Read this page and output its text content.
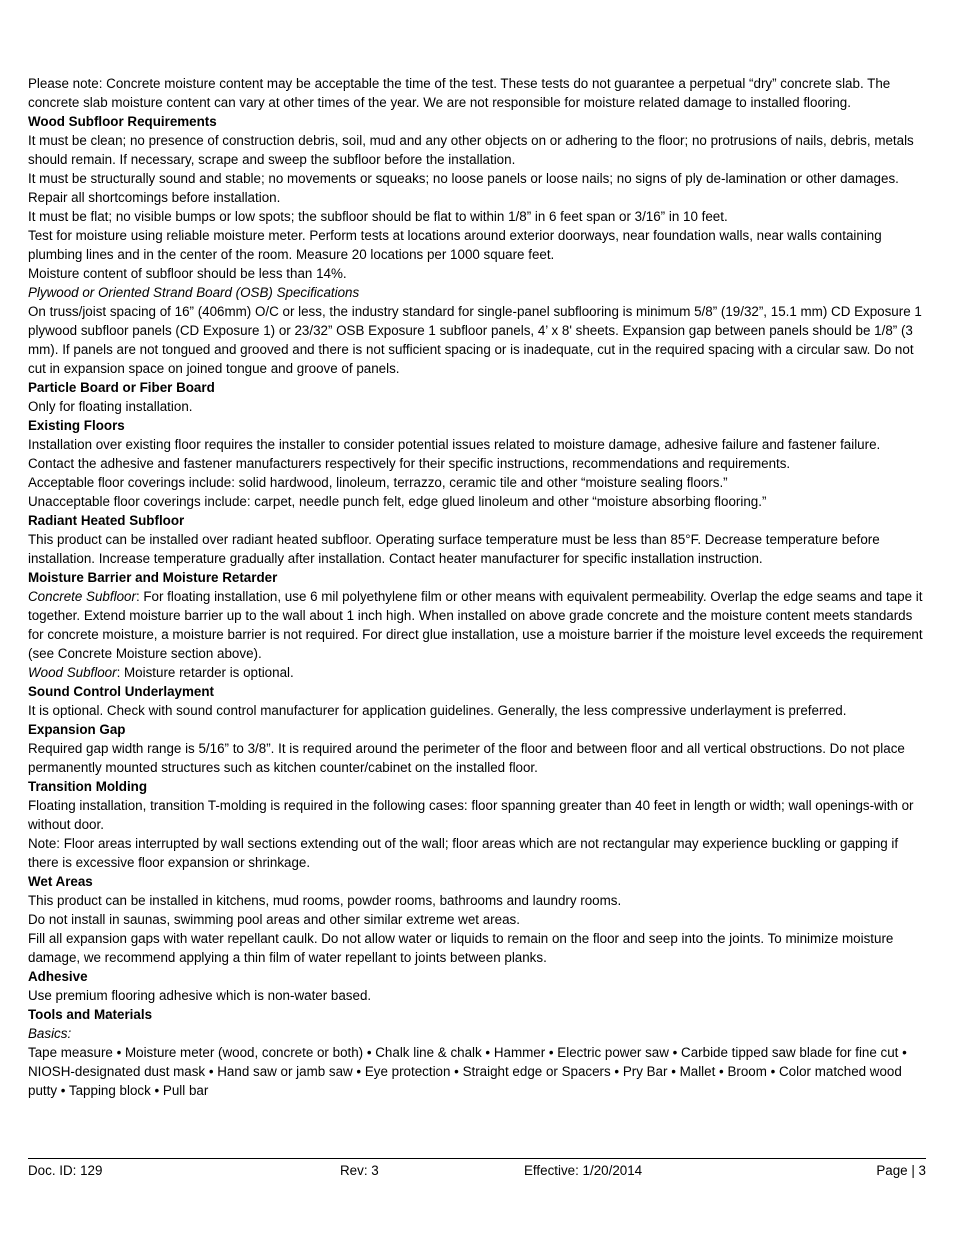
Please note: Concrete moisture content may be acceptable the time of the test. These tests do not guarantee a perpetual “dry” concrete slab. The concrete slab moisture content can vary at other times of the year. We are not responsible for moisture related damage to installed flooring.

Wood Subfloor Requirements

It must be clean; no presence of construction debris, soil, mud and any other objects on or adhering to the floor; no protrusions of nails, debris, metals should remain. If necessary, scrape and sweep the subfloor before the installation.

It must be structurally sound and stable; no movements or squeaks; no loose panels or loose nails; no signs of ply de-lamination or other damages. Repair all shortcomings before installation.

It must be flat; no visible bumps or low spots; the subfloor should be flat to within 1/8” in 6 feet span or 3/16” in 10 feet.

Test for moisture using reliable moisture meter. Perform tests at locations around exterior doorways, near foundation walls, near walls containing plumbing lines and in the center of the room. Measure 20 locations per 1000 square feet.

Moisture content of subfloor should be less than 14%.

Plywood or Oriented Strand Board (OSB) Specifications

On truss/joist spacing of 16” (406mm) O/C or less, the industry standard for single-panel subflooring is minimum 5/8” (19/32”, 15.1 mm) CD Exposure 1 plywood subfloor panels (CD Exposure 1) or 23/32” OSB Exposure 1 subfloor panels, 4’ x 8' sheets. Expansion gap between panels should be 1/8” (3 mm). If panels are not tongued and grooved and there is not sufficient spacing or is inadequate, cut in the required spacing with a circular saw. Do not cut in expansion space on joined tongue and groove of panels.

Particle Board or Fiber Board

Only for floating installation.

Existing Floors

Installation over existing floor requires the installer to consider potential issues related to moisture damage, adhesive failure and fastener failure. Contact the adhesive and fastener manufacturers respectively for their specific instructions, recommendations and requirements.

Acceptable floor coverings include: solid hardwood, linoleum, terrazzo, ceramic tile and other “moisture sealing floors.”

Unacceptable floor coverings include: carpet, needle punch felt, edge glued linoleum and other “moisture absorbing flooring.”

Radiant Heated Subfloor

This product can be installed over radiant heated subfloor. Operating surface temperature must be less than 85°F. Decrease temperature before installation. Increase temperature gradually after installation. Contact heater manufacturer for specific installation instruction.

Moisture Barrier and Moisture Retarder

Concrete Subfloor: For floating installation, use 6 mil polyethylene film or other means with equivalent permeability. Overlap the edge seams and tape it together. Extend moisture barrier up to the wall about 1 inch high. When installed on above grade concrete and the moisture content meets standards for concrete moisture, a moisture barrier is not required. For direct glue installation, use a moisture barrier if the moisture level exceeds the requirement (see Concrete Moisture section above).

Wood Subfloor: Moisture retarder is optional.

Sound Control Underlayment

It is optional. Check with sound control manufacturer for application guidelines. Generally, the less compressive underlayment is preferred.

Expansion Gap

Required gap width range is 5/16” to 3/8”. It is required around the perimeter of the floor and between floor and all vertical obstructions. Do not place permanently mounted structures such as kitchen counter/cabinet on the installed floor.

Transition Molding

Floating installation, transition T-molding is required in the following cases: floor spanning greater than 40 feet in length or width; wall openings-with or without door.

Note: Floor areas interrupted by wall sections extending out of the wall; floor areas which are not rectangular may experience buckling or gapping if there is excessive floor expansion or shrinkage.

Wet Areas

This product can be installed in kitchens, mud rooms, powder rooms, bathrooms and laundry rooms.

Do not install in saunas, swimming pool areas and other similar extreme wet areas.

Fill all expansion gaps with water repellant caulk. Do not allow water or liquids to remain on the floor and seep into the joints. To minimize moisture damage, we recommend applying a thin film of water repellant to joints between planks.

Adhesive

Use premium flooring adhesive which is non-water based.

Tools and Materials

Basics:

Tape measure • Moisture meter (wood, concrete or both) • Chalk line & chalk • Hammer • Electric power saw • Carbide tipped saw blade for fine cut • NIOSH-designated dust mask • Hand saw or jamb saw • Eye protection • Straight edge or Spacers • Pry Bar • Mallet • Broom • Color matched wood putty • Tapping block • Pull bar

Doc. ID: 129	Rev: 3	Effective: 1/20/2014	Page | 3
